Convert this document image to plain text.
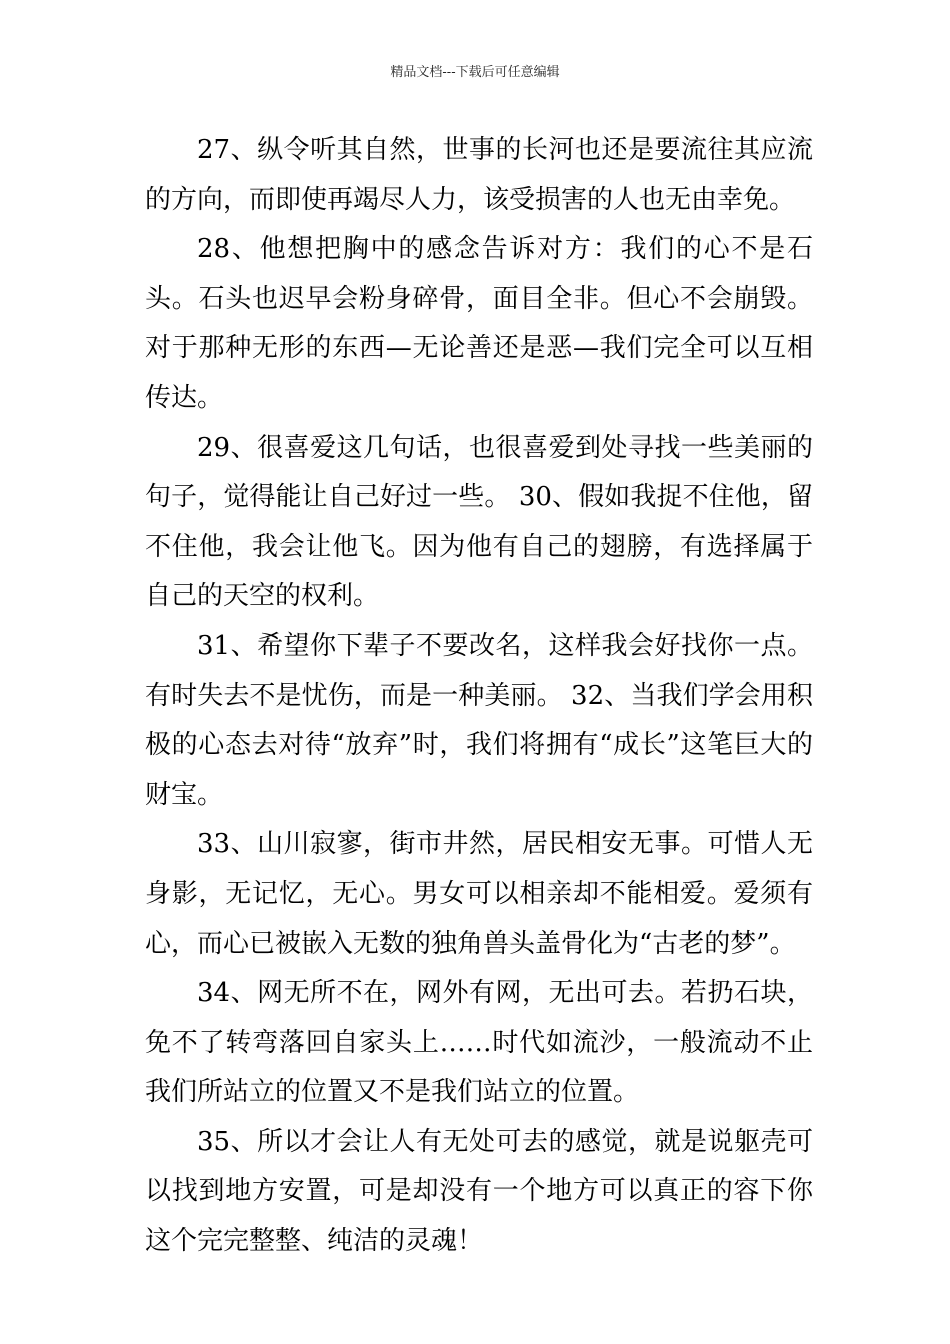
精品文档---下载后可任意编辑

27、纵令听其自然，世事的长河也还是要流往其应流的方向，而即使再竭尽人力，该受损害的人也无由幸免。

28、他想把胸中的感念告诉对方：我们的心不是石头。石头也迟早会粉身碎骨，面目全非。但心不会崩毁。对于那种无形的东西—无论善还是恶—我们完全可以互相传达。

29、很喜爱这几句话，也很喜爱到处寻找一些美丽的句子，觉得能让自己好过一些。 30、假如我捉不住他，留不住他，我会让他飞。因为他有自己的翅膀，有选择属于自己的天空的权利。

31、希望你下辈子不要改名，这样我会好找你一点。有时失去不是忧伤，而是一种美丽。 32、当我们学会用积极的心态去对待“放弃”时，我们将拥有“成长”这笔巨大的财宝。

33、山川寂寥，街市井然，居民相安无事。可惜人无身影，无记忆，无心。男女可以相亲却不能相爱。爱须有心，而心已被嵌入无数的独角兽头盖骨化为“古老的梦”。

34、网无所不在，网外有网，无出可去。若扔石块，免不了转弯落回自家头上……时代如流沙，一般流动不止我们所站立的位置又不是我们站立的位置。

35、所以才会让人有无处可去的感觉，就是说躯壳可以找到地方安置，可是却没有一个地方可以真正的容下你这个完完整整、纯洁的灵魂！
